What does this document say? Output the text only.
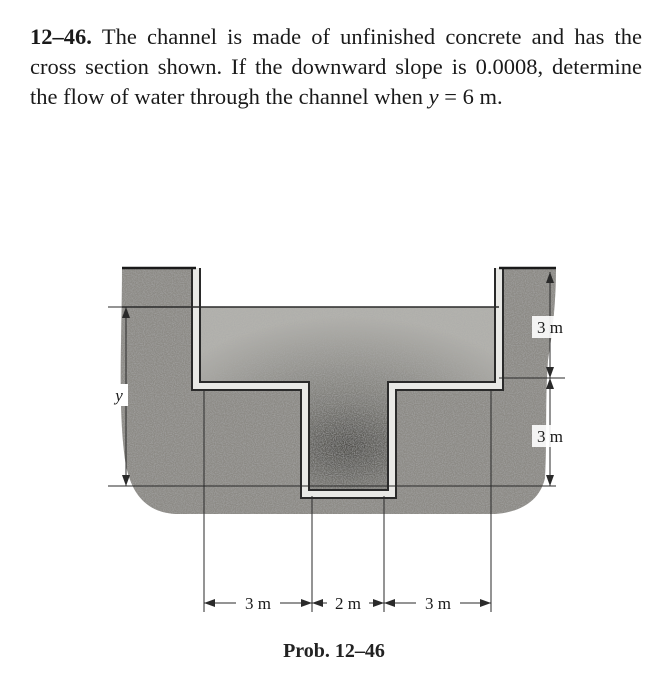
12–46. The channel is made of unfinished concrete and has the cross section shown. If the downward slope is 0.0008, determine the flow of water through the channel when y = 6 m.
y
3 m
3 m
3 m	2 m	3 m
Prob. 12–46
